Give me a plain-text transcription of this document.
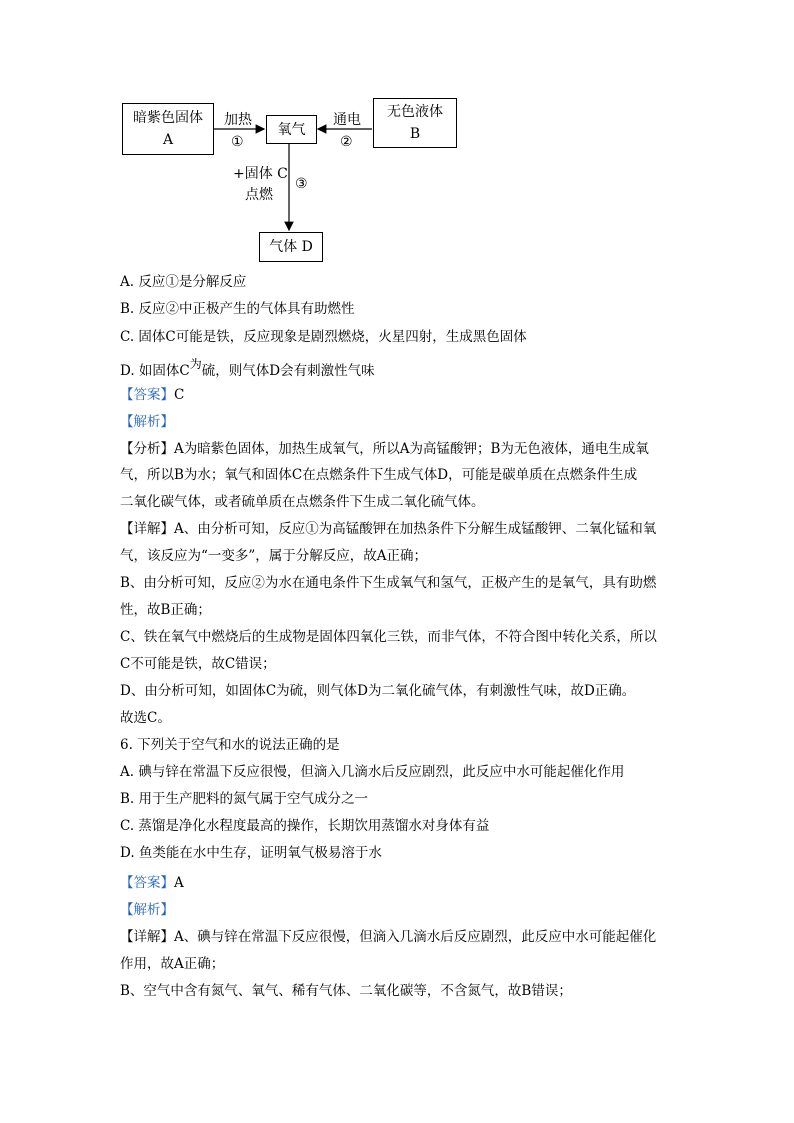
暗紫色固体
A
氧气
无色液体
B
气体 D
加热
①
通电
②
+固体 C
点燃
③
A. 反应①是分解反应
B. 反应②中正极产生的气体具有助燃性
C. 固体C可能是铁，反应现象是剧烈燃烧，火星四射，生成黑色固体
D. 如固体C为硫，则气体D会有刺激性气味
【答案】C
【解析】
【分析】A为暗紫色固体，加热生成氧气，所以A为高锰酸钾；B为无色液体，通电生成氧
气，所以B为水；氧气和固体C在点燃条件下生成气体D，可能是碳单质在点燃条件生成
二氧化碳气体，或者硫单质在点燃条件下生成二氧化硫气体。
【详解】A、由分析可知，反应①为高锰酸钾在加热条件下分解生成锰酸钾、二氧化锰和氧
气，该反应为“一变多”，属于分解反应，故A正确；
B、由分析可知，反应②为水在通电条件下生成氧气和氢气，正极产生的是氧气，具有助燃
性，故B正确；
C、铁在氧气中燃烧后的生成物是固体四氧化三铁，而非气体，不符合图中转化关系，所以
C不可能是铁，故C错误；
D、由分析可知，如固体C为硫，则气体D为二氧化硫气体，有刺激性气味，故D正确。
故选C。
6. 下列关于空气和水的说法正确的是
A. 碘与锌在常温下反应很慢，但滴入几滴水后反应剧烈，此反应中水可能起催化作用
B. 用于生产肥料的氮气属于空气成分之一
C. 蒸馏是净化水程度最高的操作，长期饮用蒸馏水对身体有益
D. 鱼类能在水中生存，证明氧气极易溶于水
【答案】A
【解析】
【详解】A、碘与锌在常温下反应很慢，但滴入几滴水后反应剧烈，此反应中水可能起催化
作用，故A正确；
B、空气中含有氮气、氧气、稀有气体、二氧化碳等，不含氮气，故B错误；
